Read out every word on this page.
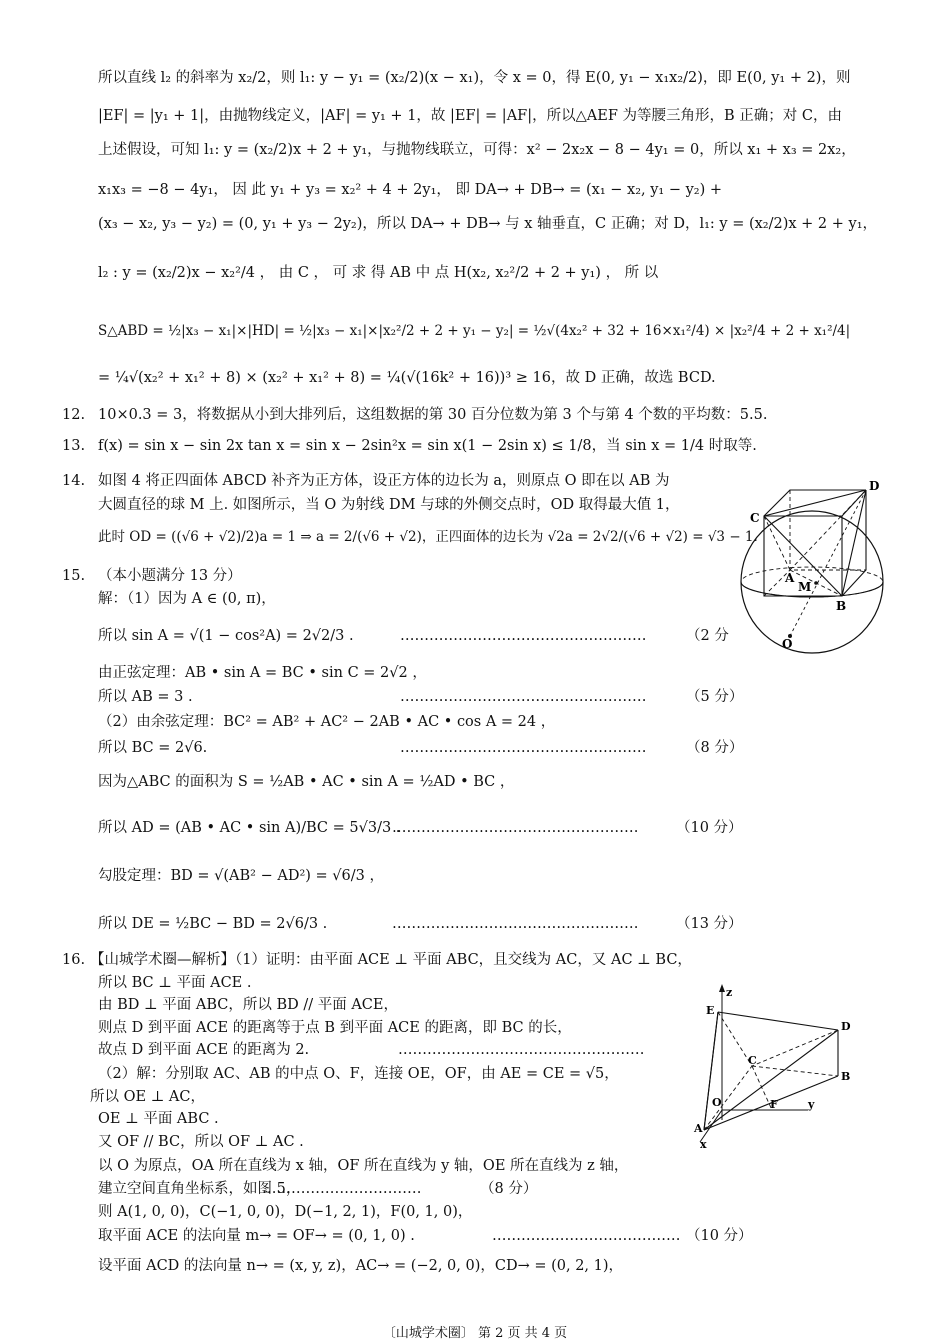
所以直线 l₂ 的斜率为 x₂/2，则 l₁: y − y₁ = (x₂/2)(x − x₁)，令 x = 0，得 E(0, y₁ − x₁x₂/2)，即 E(0, y₁ + 2)，则
|EF| = |y₁ + 1|，由抛物线定义，|AF| = y₁ + 1，故 |EF| = |AF|，所以△AEF 为等腰三角形，B 正确；对 C，由
上述假设，可知 l₁: y = (x₂/2)x + 2 + y₁，与抛物线联立，可得：x² − 2x₂x − 8 − 4y₁ = 0，所以 x₁ + x₃ = 2x₂，
x₁x₃ = −8 − 4y₁， 因 此 y₁ + y₃ = x₂² + 4 + 2y₁， 即 DA→ + DB→ = (x₁ − x₂, y₁ − y₂) +
(x₃ − x₂, y₃ − y₂) = (0, y₁ + y₃ − 2y₂)，所以 DA→ + DB→ 与 x 轴垂直，C 正确；对 D，l₁: y = (x₂/2)x + 2 + y₁，
l₂ : y = (x₂/2)x − x₂²/4 ， 由 C ， 可 求 得 AB 中 点 H(x₂, x₂²/2 + 2 + y₁) ， 所 以
S△ABD = ½|x₃ − x₁|×|HD| = ½|x₃ − x₁|×|x₂²/2 + 2 + y₁ − y₂| = ½√(4x₂² + 32 + 16×x₁²/4) × |x₂²/4 + 2 + x₁²/4|
= ¼√(x₂² + x₁² + 8) × (x₂² + x₁² + 8) = ¼(√(16k² + 16))³ ≥ 16，故 D 正确，故选 BCD.
12. 10×0.3 = 3，将数据从小到大排列后，这组数据的第 30 百分位数为第 3 个与第 4 个数的平均数：5.5.
13. f(x) = sin x − sin 2x tan x = sin x − 2sin²x = sin x(1 − 2sin x) ≤ 1/8，当 sin x = 1/4 时取等.
14. 如图 4 将正四面体 ABCD 补齐为正方体，设正方体的边长为 a，则原点 O 即在以 AB 为
大圆直径的球 M 上. 如图所示，当 O 为射线 DM 与球的外侧交点时，OD 取得最大值 1，
此时 OD = ((√6 + √2)/2)a = 1 ⇒ a = 2/(√6 + √2)，正四面体的边长为 √2a = 2√2/(√6 + √2) = √3 − 1.
C
D
A
M
B
O
15. （本小题满分 13 分）
解：（1）因为 A ∈ (0, π)，
所以 sin A = √(1 − cos²A) = 2√2/3 .	……………………………………………	（2 分
由正弦定理：AB • sin A = BC • sin C = 2√2 ，
所以 AB = 3 .	……………………………………………	（5 分）
（2）由余弦定理：BC² = AB² + AC² − 2AB • AC • cos A = 24 ，
所以 BC = 2√6.	……………………………………………	（8 分）
因为△ABC 的面积为 S = ½AB • AC • sin A = ½AD • BC ，
所以 AD = (AB • AC • sin A)/BC = 5√3/3 .
……………………………………………	（10 分）
勾股定理：BD = √(AB² − AD²) = √6/3 ，
所以 DE = ½BC − BD = 2√6/3 .	……………………………………………	（13 分）
16. 【山城学术圈—解析】（1）证明：由平面 ACE ⊥ 平面 ABC，且交线为 AC，又 AC ⊥ BC，
所以 BC ⊥ 平面 ACE .
由 BD ⊥ 平面 ABC，所以 BD // 平面 ACE，
则点 D 到平面 ACE 的距离等于点 B 到平面 ACE 的距离，即 BC 的长，
故点 D 到平面 ACE 的距离为 2.	……………………………………………
（2）解：分别取 AC、AB 的中点 O、F，连接 OE，OF，由 AE = CE = √5，
所以 OE ⊥ AC，
OE ⊥ 平面 ABC .
又 OF // BC，所以 OF ⊥ AC .
以 O 为原点，OA 所在直线为 x 轴，OF 所在直线为 y 轴，OE 所在直线为 z 轴，
建立空间直角坐标系，如图 5，
……………………………	（8 分）
则 A(1, 0, 0)，C(−1, 0, 0)，D(−1, 2, 1)，F(0, 1, 0)，
取平面 ACE 的法向量 m→ = OF→ = (0, 1, 0) .	………………………………… （10 分）
设平面 ACD 的法向量 n→ = (x, y, z)，AC→ = (−2, 0, 0)，CD→ = (0, 2, 1)，
z
E
D
C
B
O	F	y
A
x
〔山城学术圈〕 第 2 页 共 4 页
